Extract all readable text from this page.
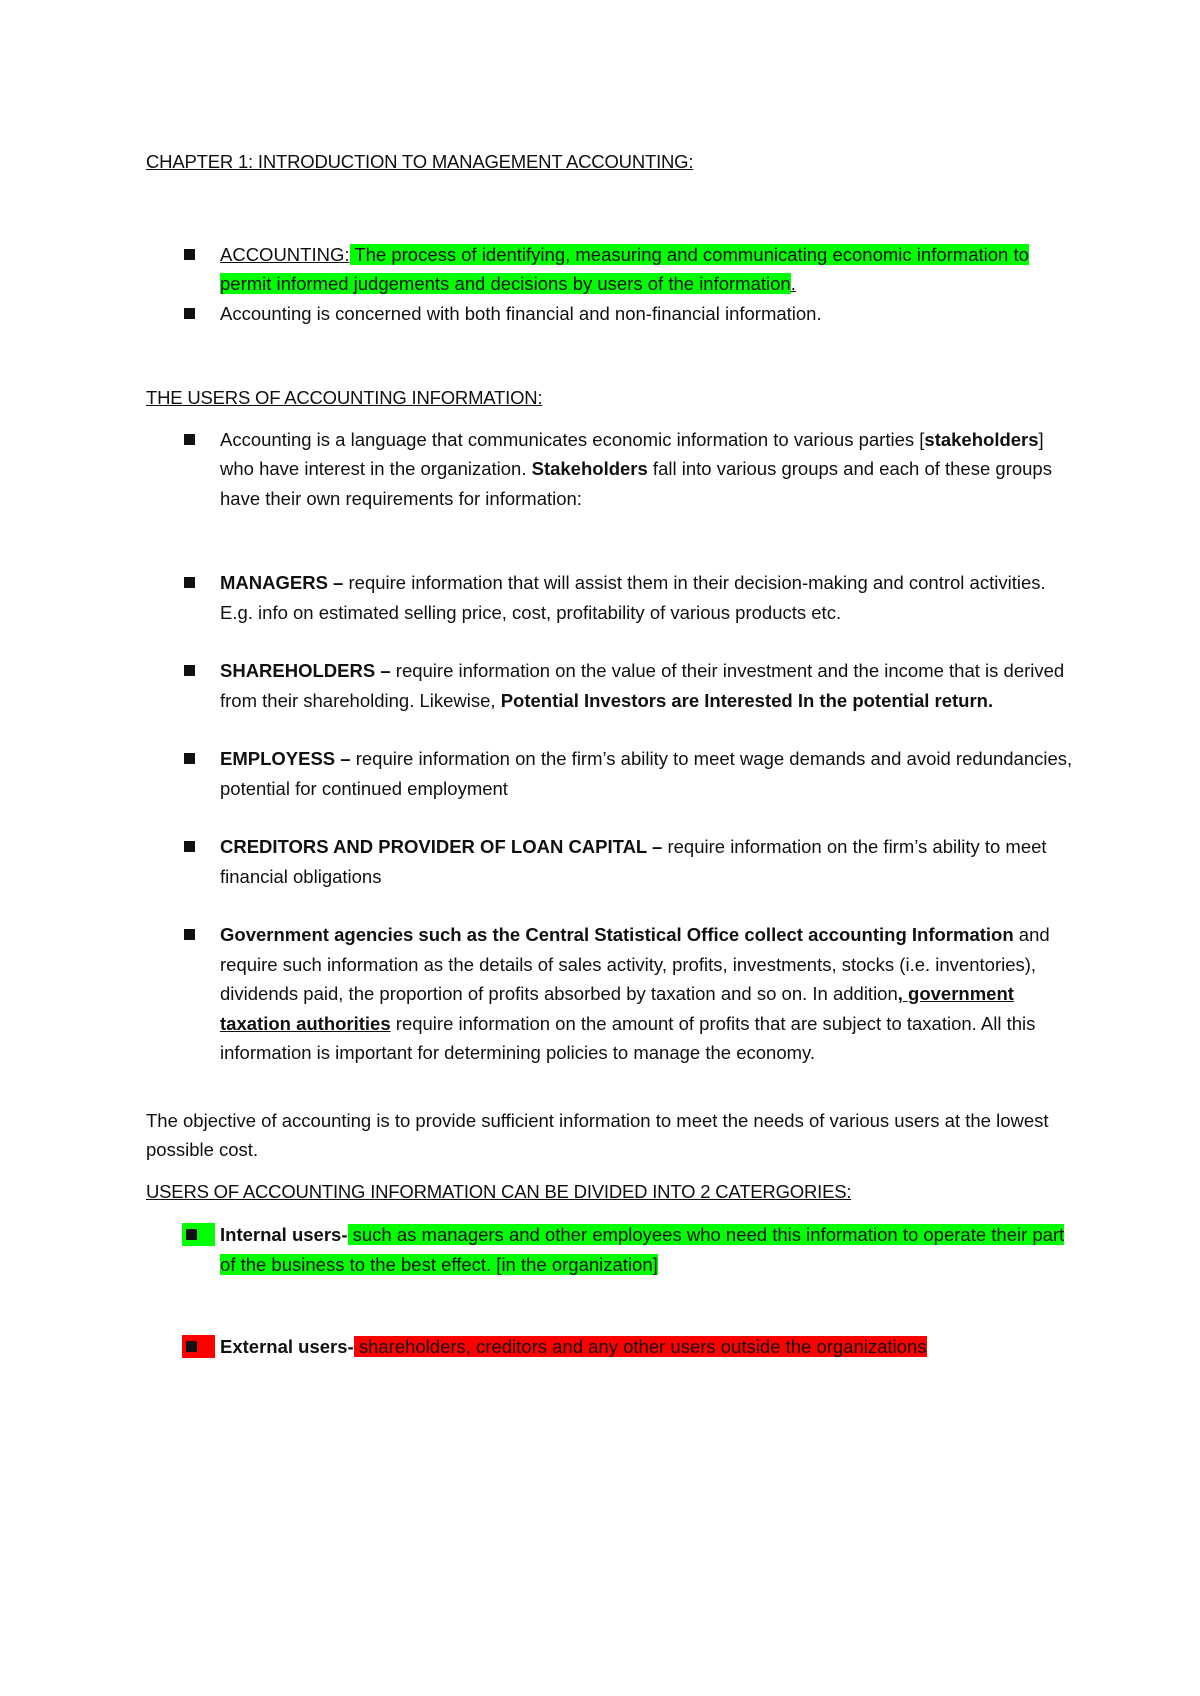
CHAPTER 1: INTRODUCTION TO MANAGEMENT ACCOUNTING:
ACCOUNTING: The process of identifying, measuring and communicating economic information to permit informed judgements and decisions by users of the information.
Accounting is concerned with both financial and non-financial information.
THE USERS OF ACCOUNTING INFORMATION:
Accounting is a language that communicates economic information to various parties [stakeholders] who have interest in the organization. Stakeholders fall into various groups and each of these groups have their own requirements for information:
MANAGERS – require information that will assist them in their decision-making and control activities. E.g. info on estimated selling price, cost, profitability of various products etc.
SHAREHOLDERS – require information on the value of their investment and the income that is derived from their shareholding. Likewise, Potential Investors are Interested In the potential return.
EMPLOYESS – require information on the firm’s ability to meet wage demands and avoid redundancies, potential for continued employment
CREDITORS AND PROVIDER OF LOAN CAPITAL – require information on the firm’s ability to meet financial obligations
Government agencies such as the Central Statistical Office collect accounting Information and require such information as the details of sales activity, profits, investments, stocks (i.e. inventories), dividends paid, the proportion of profits absorbed by taxation and so on. In addition, government taxation authorities require information on the amount of profits that are subject to taxation. All this information is important for determining policies to manage the economy.

The objective of accounting is to provide sufficient information to meet the needs of various users at the lowest possible cost.

USERS OF ACCOUNTING INFORMATION CAN BE DIVIDED INTO 2 CATERGORIES:
Internal users- such as managers and other employees who need this information to operate their part of the business to the best effect. [in the organization]
External users- shareholders, creditors and any other users outside the organizations
